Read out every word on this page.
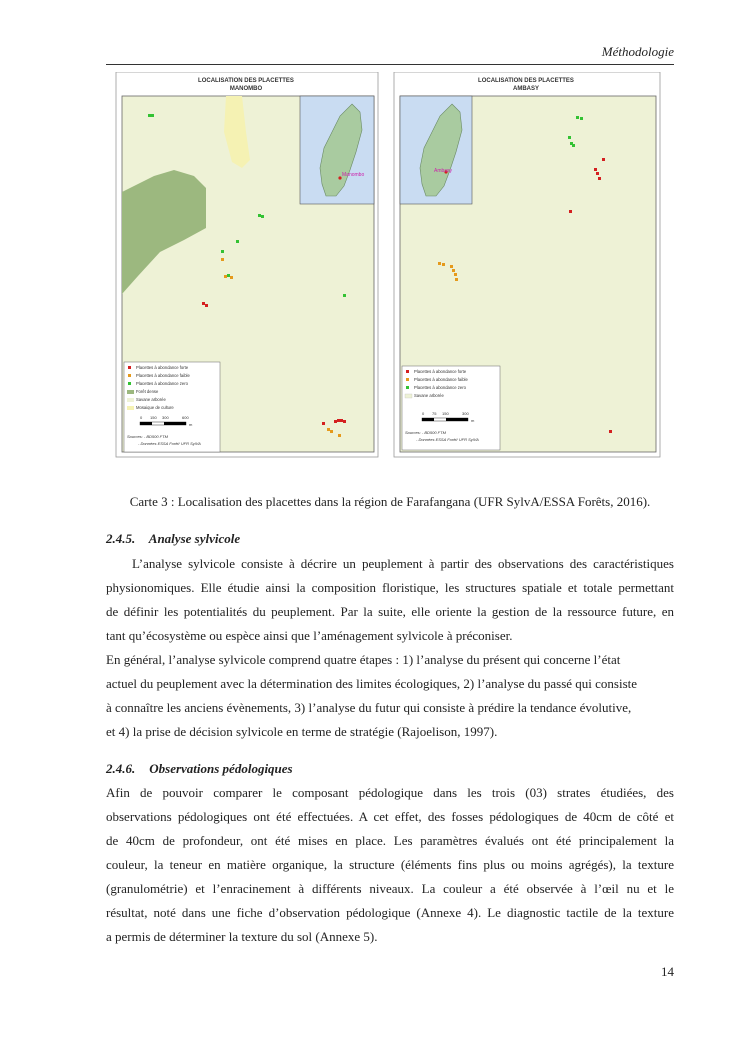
Méthodologie
LOCALISATION DES PLACETTES
MANOMBO
Manombo
Placettes à abondance forte
Placettes à abondance faible
Placettes à abondance zero
Forêt dense
Savane arborée
Mosaique de culture
0 150 300	600
m
Sources: - BD500 FTM
- Données ESSA Forêt/ UFR SylVA
LOCALISATION DES PLACETTES
AMBASY
Ambasy
Placettes à abondance forte
Placettes à abondance faible
Placettes à abondance zero
Savane arborée
0 75 150	300
m
Sources: - BD500 FTM
- Données ESSA Forêt/ UFR SylVA
Carte 3 : Localisation des placettes dans la région de Farafangana (UFR SylvA/ESSA Forêts, 2016).
2.4.5. Analyse sylvicole
L’analyse sylvicole consiste à décrire un peuplement à partir des observations des caractéristiques
physionomiques. Elle étudie ainsi la composition floristique, les structures spatiale et totale permettant
de définir les potentialités du peuplement. Par la suite, elle oriente la gestion de la ressource future, en
tant qu’écosystème ou espèce ainsi que l’aménagement sylvicole à préconiser.
En général, l’analyse sylvicole comprend quatre étapes : 1) l’analyse du présent qui concerne l’état
actuel du peuplement avec la détermination des limites écologiques, 2) l’analyse du passé qui consiste
à connaître les anciens évènements, 3) l’analyse du futur qui consiste à prédire la tendance évolutive,
et 4) la prise de décision sylvicole en terme de stratégie (Rajoelison, 1997).
2.4.6. Observations pédologiques
Afin de pouvoir comparer le composant pédologique dans les trois (03) strates étudiées, des
observations pédologiques ont été effectuées. A cet effet, des fosses pédologiques de 40cm de côté et
de 40cm de profondeur, ont été mises en place. Les paramètres évalués ont été principalement la
couleur, la teneur en matière organique, la structure (éléments fins plus ou moins agrégés), la texture
(granulométrie) et l’enracinement à différents niveaux. La couleur a été observée à l’œil nu et le
résultat, noté dans une fiche d’observation pédologique (Annexe 4). Le diagnostic tactile de la texture
a permis de déterminer la texture du sol (Annexe 5).
14
